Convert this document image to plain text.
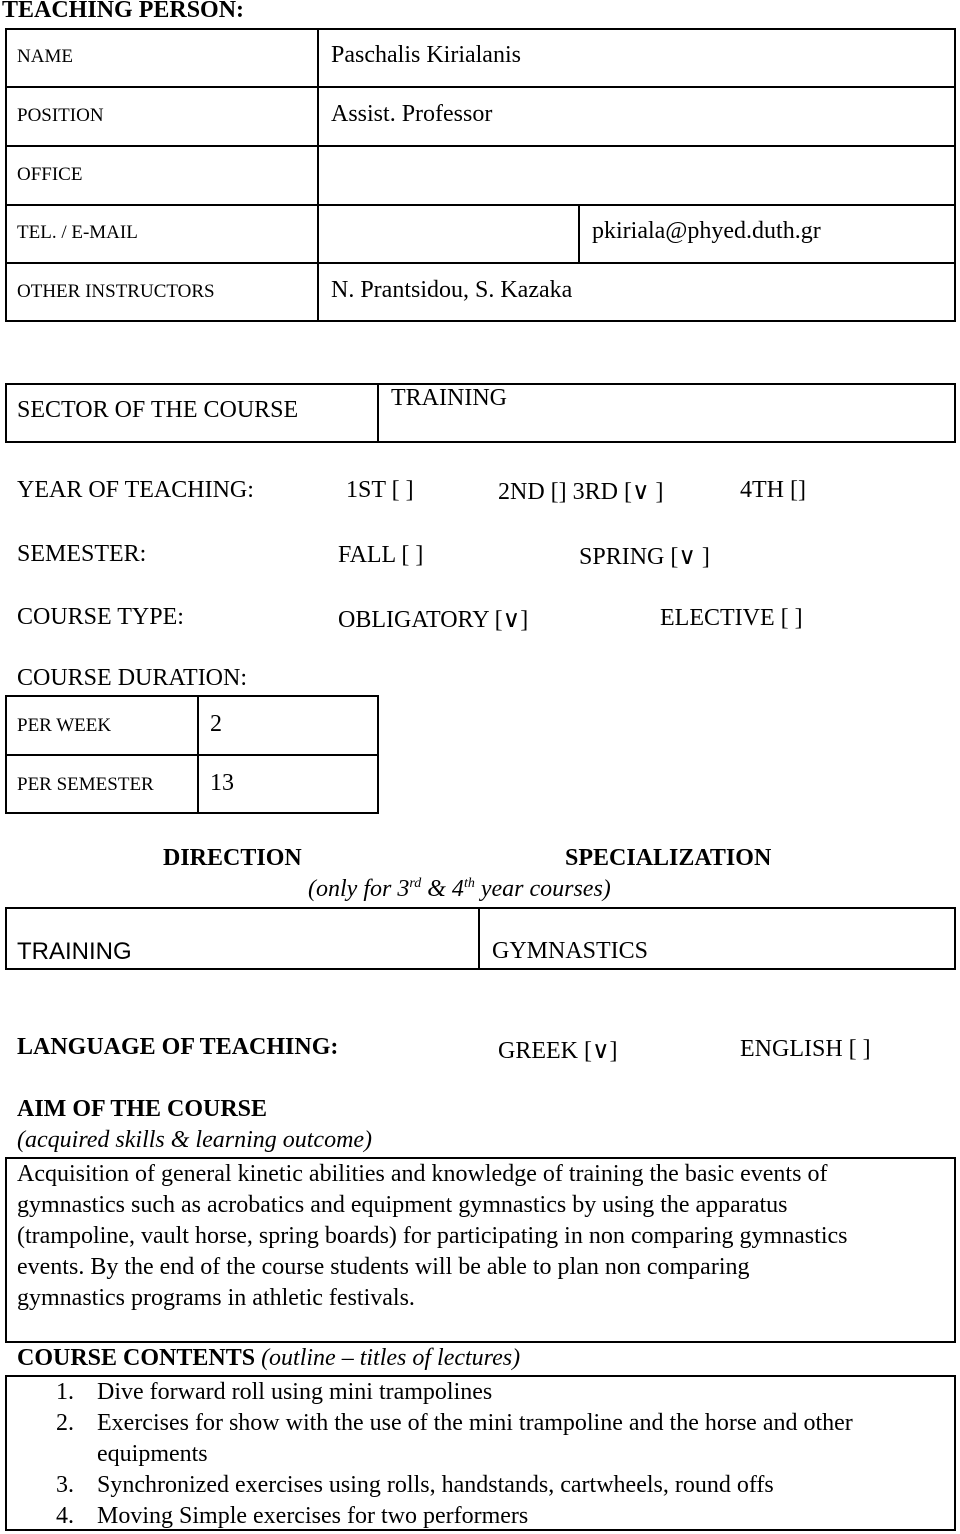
TEACHING PERSON:
NAME	Paschalis Kirialanis
POSITION	Assist. Professor
OFFICE
TEL. / E-MAIL	pkiriala@phyed.duth.gr
OTHER INSTRUCTORS	N. Prantsidou, S. Kazaka
SECTOR OF THE COURSE	TRAINING
YEAR OF TEACHING:	1ST [ ]	2ND [] 3RD [∨ ]	4TH []
SEMESTER:	FALL [ ]	SPRING [∨ ]
COURSE TYPE:	OBLIGATORY [∨]	ELECTIVE [ ]
COURSE DURATION:
PER WEEK	2
PER SEMESTER 13
DIRECTION	SPECIALIZATION
(only for 3rd & 4th year courses)
TRAINING	GYMNASTICS
LANGUAGE OF TEACHING:	GREEK [∨]	ENGLISH [ ]
AIM OF THE COURSE
(acquired skills & learning outcome)
Acquisition of general kinetic abilities and knowledge of training the basic events of
gymnastics such as acrobatics and equipment gymnastics by using the apparatus
(trampoline, vault horse, spring boards) for participating in non comparing gymnastics
events. By the end of the course students will be able to plan non comparing
gymnastics programs in athletic festivals.
COURSE CONTENTS (outline – titles of lectures)
1. Dive forward roll using mini trampolines
2. Exercises for show with the use of the mini trampoline and the horse and other
equipments
3. Synchronized exercises using rolls, handstands, cartwheels, round offs
4. Moving Simple exercises for two performers
